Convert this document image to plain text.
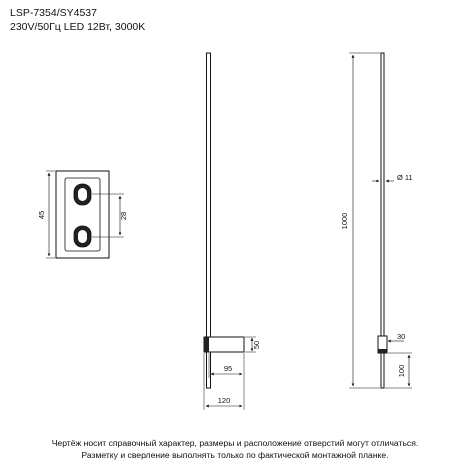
LSP-7354/SY4537
230V/50Гц LED 12Вт, 3000K
45	28
50
95
120
1000
Ø 11
30
100
Чертёж носит справочный характер, размеры и расположение отверстий могут отличаться.
Разметку и сверление выполнять только по фактической монтажной планке.
